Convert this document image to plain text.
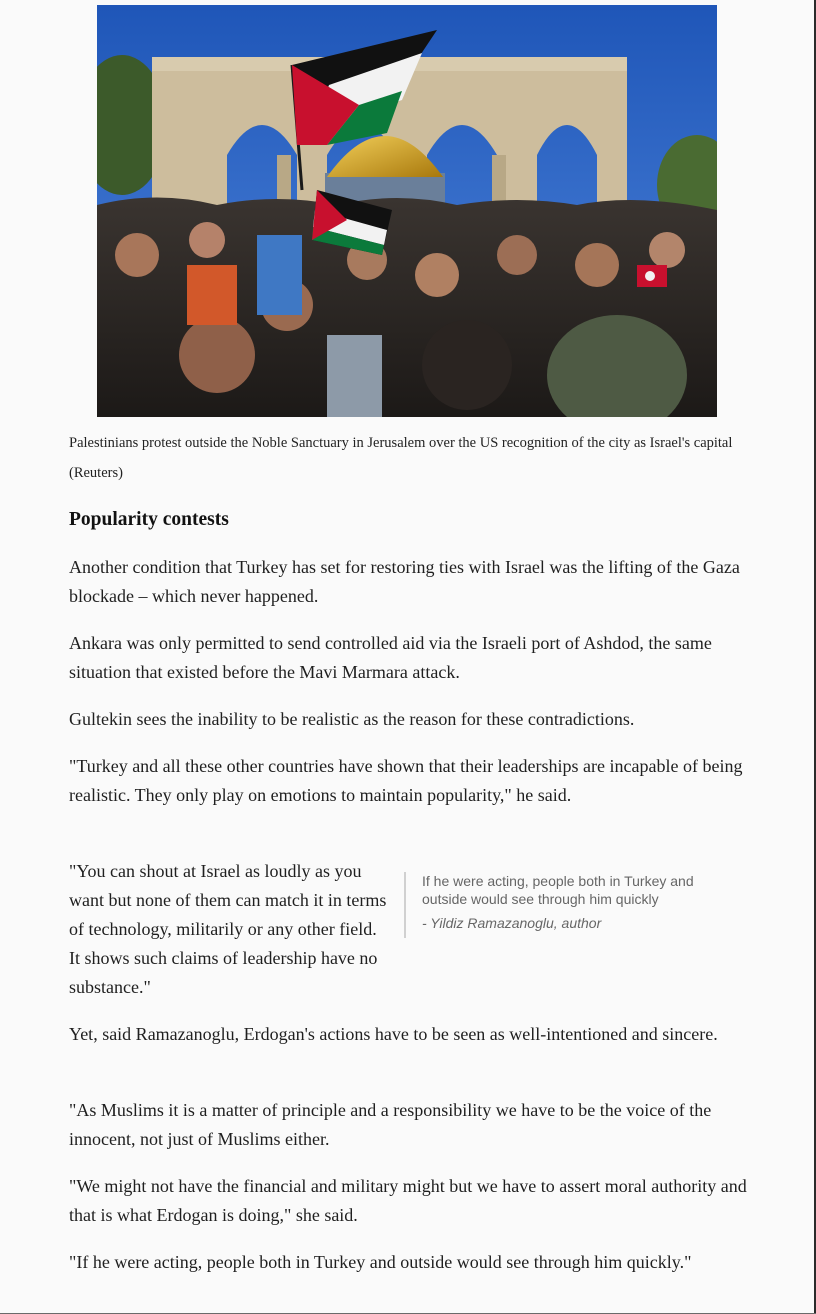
Palestinians protest outside the Noble Sanctuary in Jerusalem over the US recognition of the city as Israel's capital (Reuters)
Popularity contests

Another condition that Turkey has set for restoring ties with Israel was the lifting of the Gaza blockade – which never happened.

Ankara was only permitted to send controlled aid via the Israeli port of Ashdod, the same situation that existed before the Mavi Marmara attack.

Gultekin sees the inability to be realistic as the reason for these contradictions.

"Turkey and all these other countries have shown that their leaderships are incapable of being realistic. They only play on emotions to maintain popularity," he said.

"You can shout at Israel as loudly as you want but none of them can match it in terms of technology, militarily or any other field. It shows such claims of leadership have no substance."

If he were acting, people both in Turkey and outside would see through him quickly
- Yildiz Ramazanoglu, author

Yet, said Ramazanoglu, Erdogan's actions have to be seen as well-intentioned and sincere.

"As Muslims it is a matter of principle and a responsibility we have to be the voice of the innocent, not just of Muslims either.

"We might not have the financial and military might but we have to assert moral authority and that is what Erdogan is doing," she said.

"If he were acting, people both in Turkey and outside would see through him quickly."
